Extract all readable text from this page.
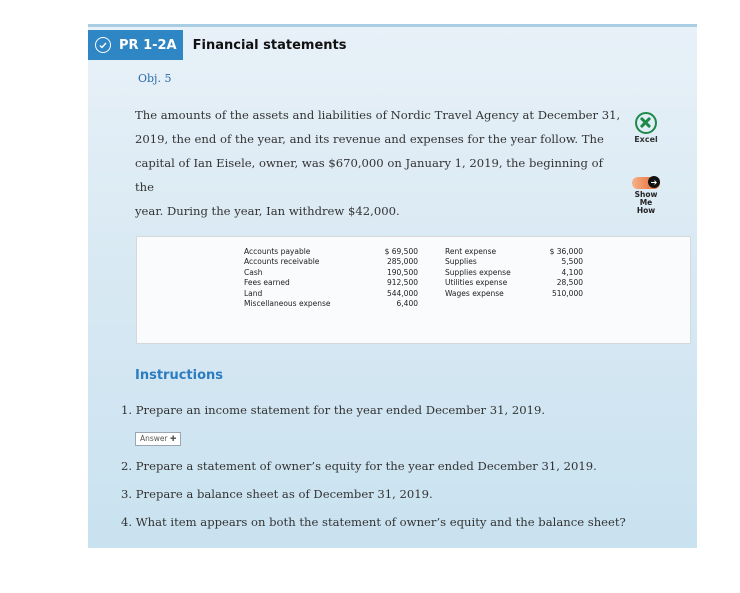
PR 1-2A Financial statements
Obj. 5
The amounts of the assets and liabilities of Nordic Travel Agency at December 31,
2019, the end of the year, and its revenue and expenses for the year follow. The
capital of Ian Eisele, owner, was $670,000 on January 1, 2019, the beginning of the
year. During the year, Ian withdrew $42,000.
Excel
➔
Show
Me
How
Accounts payable
Accounts receivable
Cash
Fees earned
Land
Miscellaneous expense
$ 69,500
285,000
190,500
912,500
544,000
6,400
Rent expense
Supplies
Supplies expense
Utilities expense
Wages expense
$ 36,000
5,500
4,100
28,500
510,000
Instructions
1. Prepare an income statement for the year ended December 31, 2019.
Answer ✚
2. Prepare a statement of owner’s equity for the year ended December 31, 2019.
3. Prepare a balance sheet as of December 31, 2019.
4. What item appears on both the statement of owner’s equity and the balance sheet?
